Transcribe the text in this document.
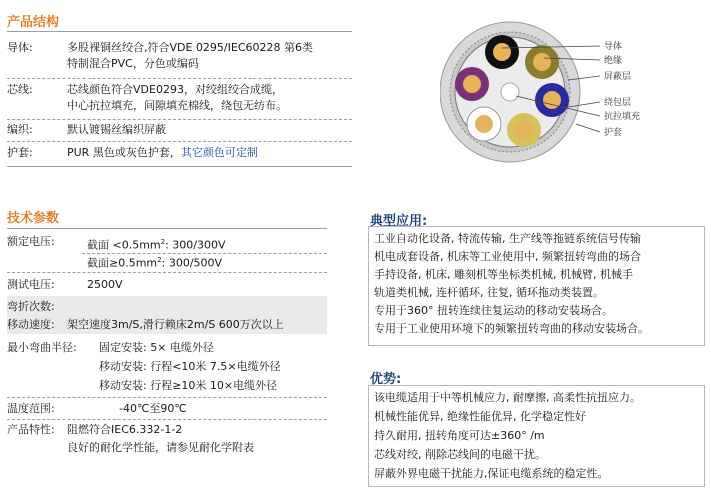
产品结构
导体:	多股裸铜丝绞合,符合VDE 0295/IEC60228 第6类
特制混合PVC，分色或编码
芯线:	芯线颜色符合VDE0293，对绞组绞合成缆，
中心抗拉填充，间隙填充棉线，绕包无纺布。
编织:	默认镀锡丝编织屏蔽
护套:	PUR 黑色或灰色护套，其它颜色可定制
导体
绝缘
屏蔽层
绕包层
抗拉填充
护套
技术参数
额定电压:	截面 $<0.5mm^2$: 300/300V
截面$\ge 0.5mm^2$: 300/500V
测试电压:	2500V
弯折次数:
移动速度:	架空速度3m/S,滑行赖床2m/S 600万次以上
最小弯曲半径:	固定安装: 5× 电缆外径
移动安装: 行程<10米 7.5×电缆外径
移动安装: 行程≥10米 10×电缆外径
温度范围:	-40℃至90℃
产品特性:	阻燃符合IEC6.332-1-2
良好的耐化学性能，请参见耐化学附表
典型应用:
工业自动化设备, 特流传输, 生产线等拖链系统信号传输
机电成套设备, 机床等工业使用中, 频繁扭转弯曲的场合
手持设备, 机床, 雕刻机等坐标类机械, 机械臂, 机械手
轨道类机械, 连杆循环, 往复, 循环拖动类装置。
专用于360° 扭转连续往复运动的移动安装场合。
专用于工业使用环境下的频繁扭转弯曲的移动安装场合。
优势:
该电缆适用于中等机械应力, 耐摩擦, 高柔性抗扭应力。
机械性能优异, 绝缘性能优异, 化学稳定性好
持久耐用, 扭转角度可达±360° /m
芯线对绞, 削除芯线间的电磁干扰。
屏蔽外界电磁干扰能力,保证电缆系统的稳定性。
